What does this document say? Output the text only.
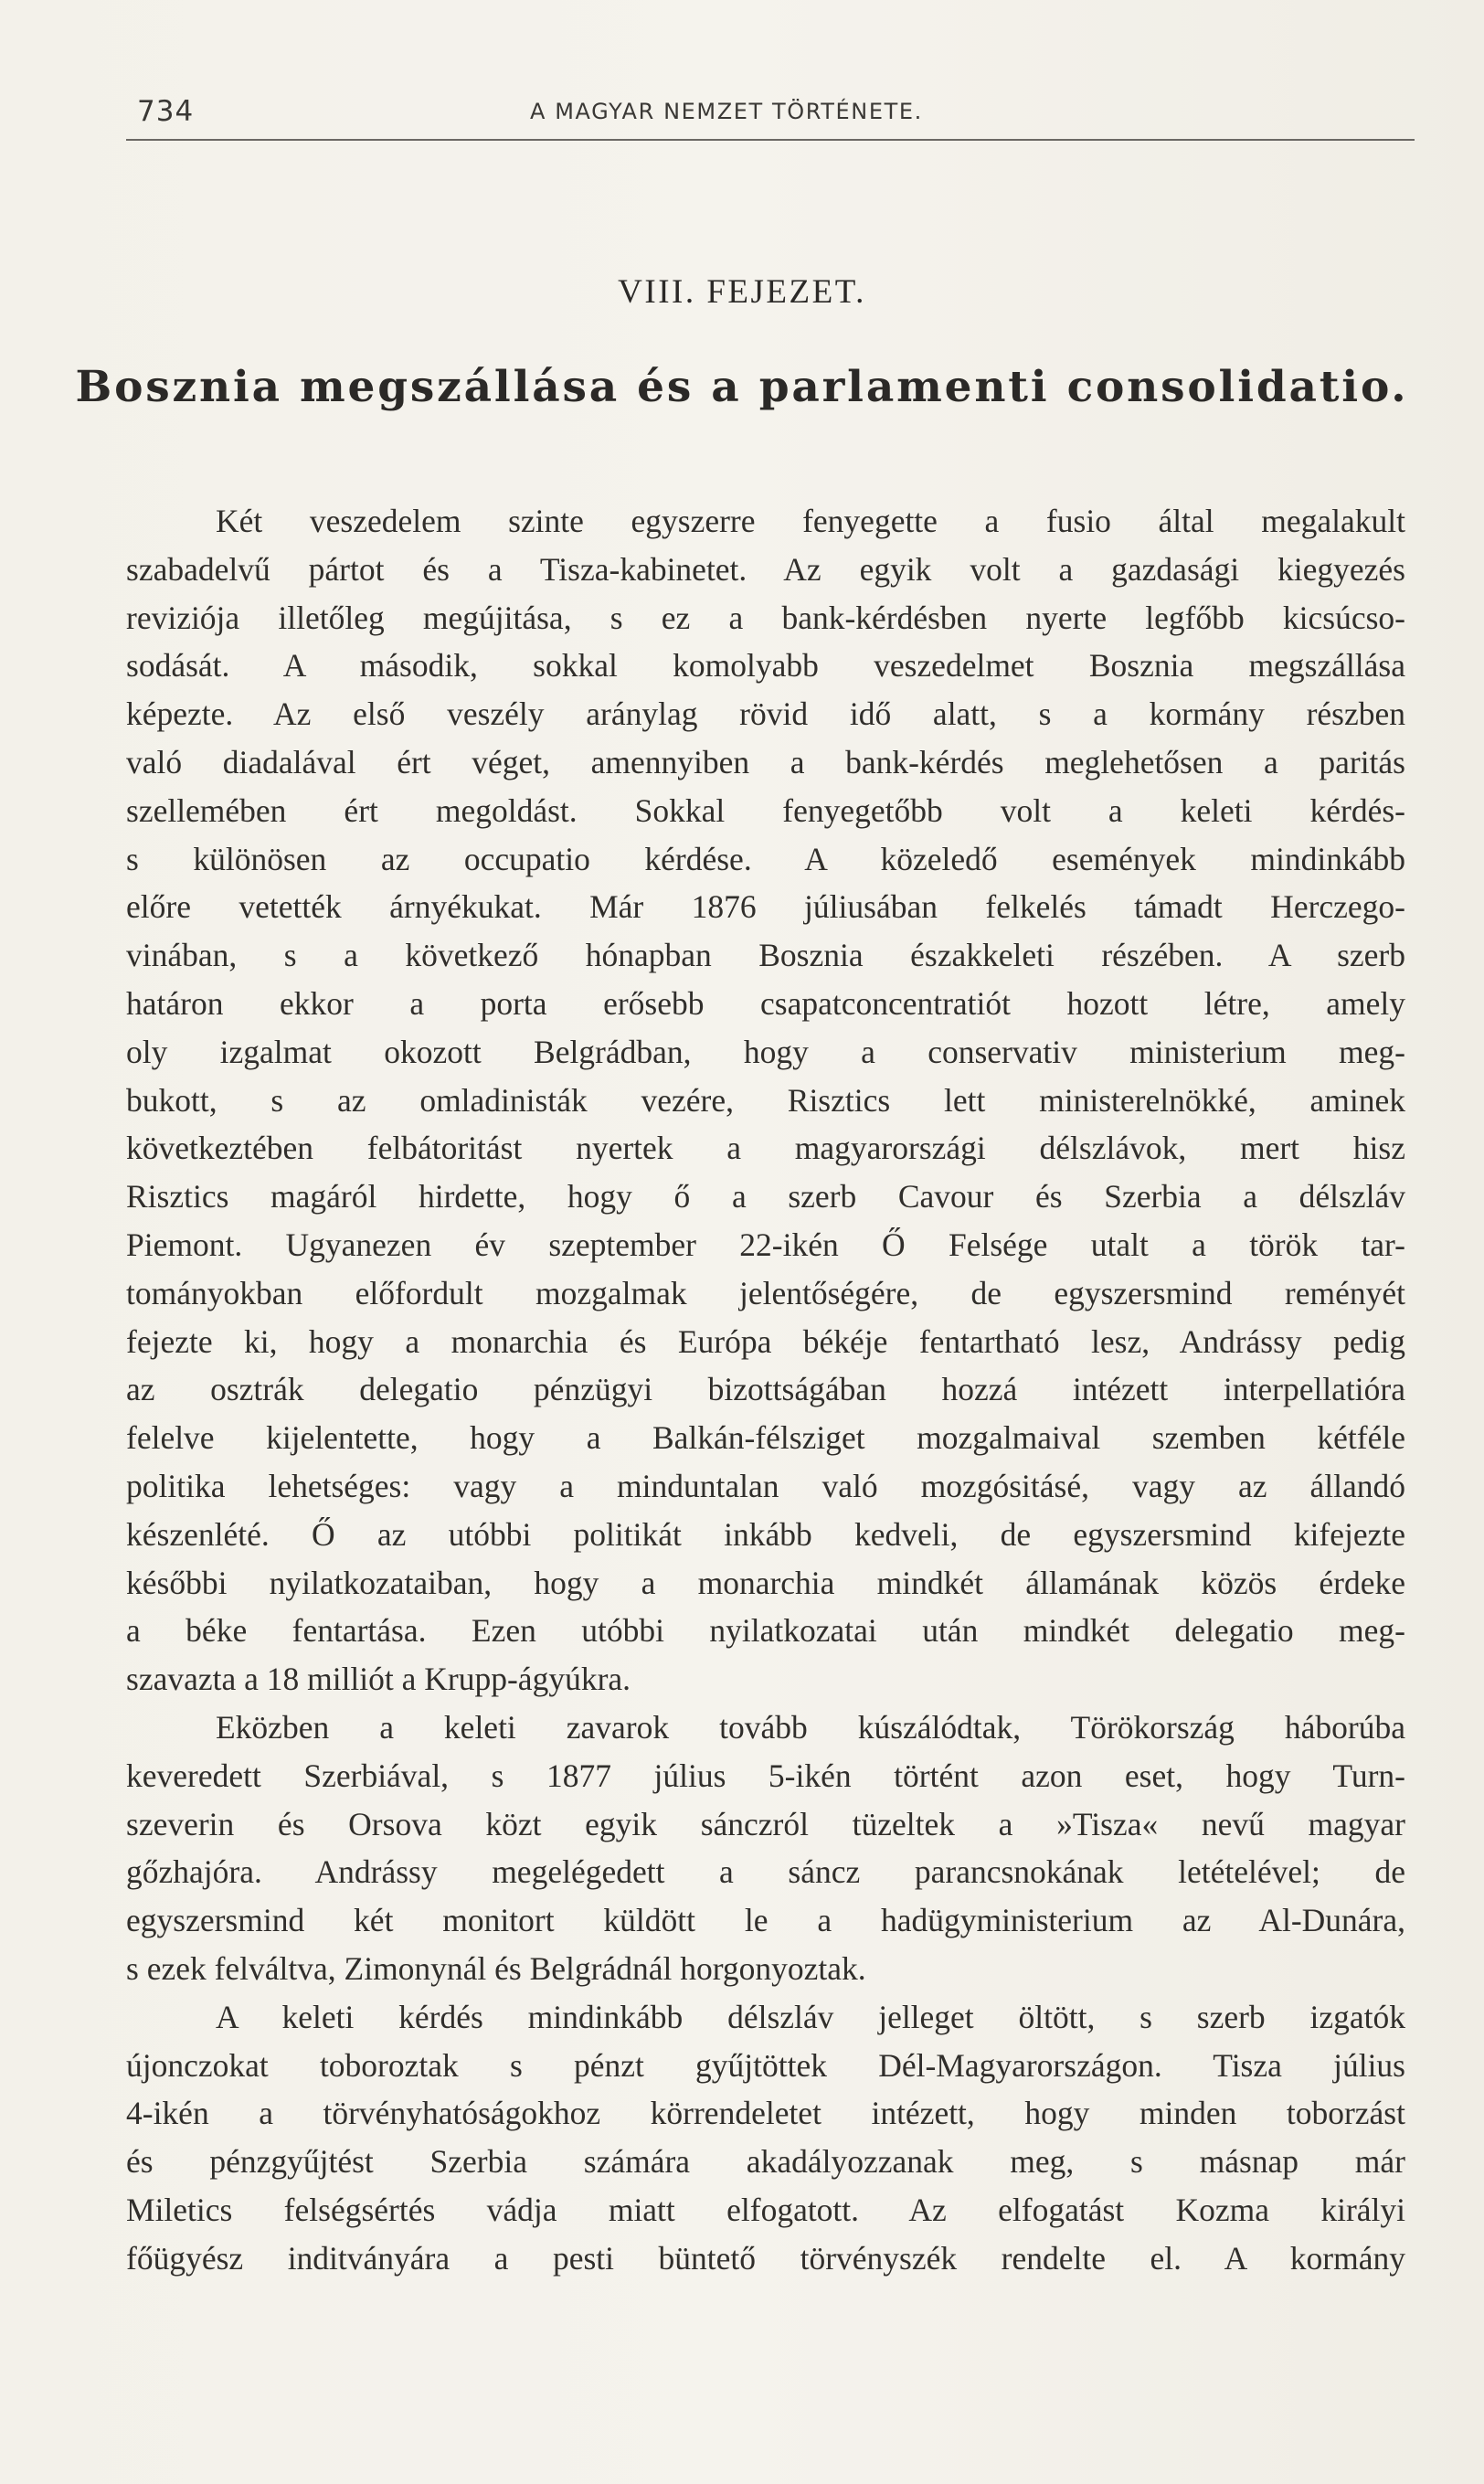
734	A MAGYAR NEMZET TÖRTÉNETE.
VIII. FEJEZET.
Bosznia megszállása és a parlamenti consolidatio.
Két veszedelem szinte egyszerre fenyegette a fusio által megalakult
szabadelvű pártot és a Tisza-kabinetet. Az egyik volt a gazdasági kiegyezés
reviziója illetőleg megújitása, s ez a bank-kérdésben nyerte legfőbb kicsúcso-
sodását. A második, sokkal komolyabb veszedelmet Bosznia megszállása
képezte. Az első veszély aránylag rövid idő alatt, s a kormány részben
való diadalával ért véget, amennyiben a bank-kérdés meglehetősen a paritás
szellemében ért megoldást. Sokkal fenyegetőbb volt a keleti kérdés-
s különösen az occupatio kérdése. A közeledő események mindinkább
előre vetették árnyékukat. Már 1876 júliusában felkelés támadt Herczego-
vinában, s a következő hónapban Bosznia északkeleti részében. A szerb
határon ekkor a porta erősebb csapatconcentratiót hozott létre, amely
oly izgalmat okozott Belgrádban, hogy a conservativ ministerium meg-
bukott, s az omladinisták vezére, Risztics lett ministerelnökké, aminek
következtében felbátoritást nyertek a magyarországi délszlávok, mert hisz
Risztics magáról hirdette, hogy ő a szerb Cavour és Szerbia a délszláv
Piemont. Ugyanezen év szeptember 22-ikén Ő Felsége utalt a török tar-
tományokban előfordult mozgalmak jelentőségére, de egyszersmind reményét
fejezte ki, hogy a monarchia és Európa békéje fentartható lesz, Andrássy pedig
az osztrák delegatio pénzügyi bizottságában hozzá intézett interpellatióra
felelve kijelentette, hogy a Balkán-félsziget mozgalmaival szemben kétféle
politika lehetséges: vagy a minduntalan való mozgósitásé, vagy az állandó
készenlété. Ő az utóbbi politikát inkább kedveli, de egyszersmind kifejezte
későbbi nyilatkozataiban, hogy a monarchia mindkét államának közös érdeke
a béke fentartása. Ezen utóbbi nyilatkozatai után mindkét delegatio meg-
szavazta a 18 milliót a Krupp-ágyúkra.
Eközben a keleti zavarok tovább kúszálódtak, Törökország háborúba
keveredett Szerbiával, s 1877 július 5-ikén történt azon eset, hogy Turn-
szeverin és Orsova közt egyik sánczról tüzeltek a »Tisza« nevű magyar
gőzhajóra. Andrássy megelégedett a sáncz parancsnokának letételével; de
egyszersmind két monitort küldött le a hadügyministerium az Al-Dunára,
s ezek felváltva, Zimonynál és Belgrádnál horgonyoztak.
A keleti kérdés mindinkább délszláv jelleget öltött, s szerb izgatók
újonczokat toboroztak s pénzt gyűjtöttek Dél-Magyarországon. Tisza július
4-ikén a törvényhatóságokhoz körrendeletet intézett, hogy minden toborzást
és pénzgyűjtést Szerbia számára akadályozzanak meg, s másnap már
Miletics felségsértés vádja miatt elfogatott. Az elfogatást Kozma királyi
főügyész inditványára a pesti büntető törvényszék rendelte el. A kormány
